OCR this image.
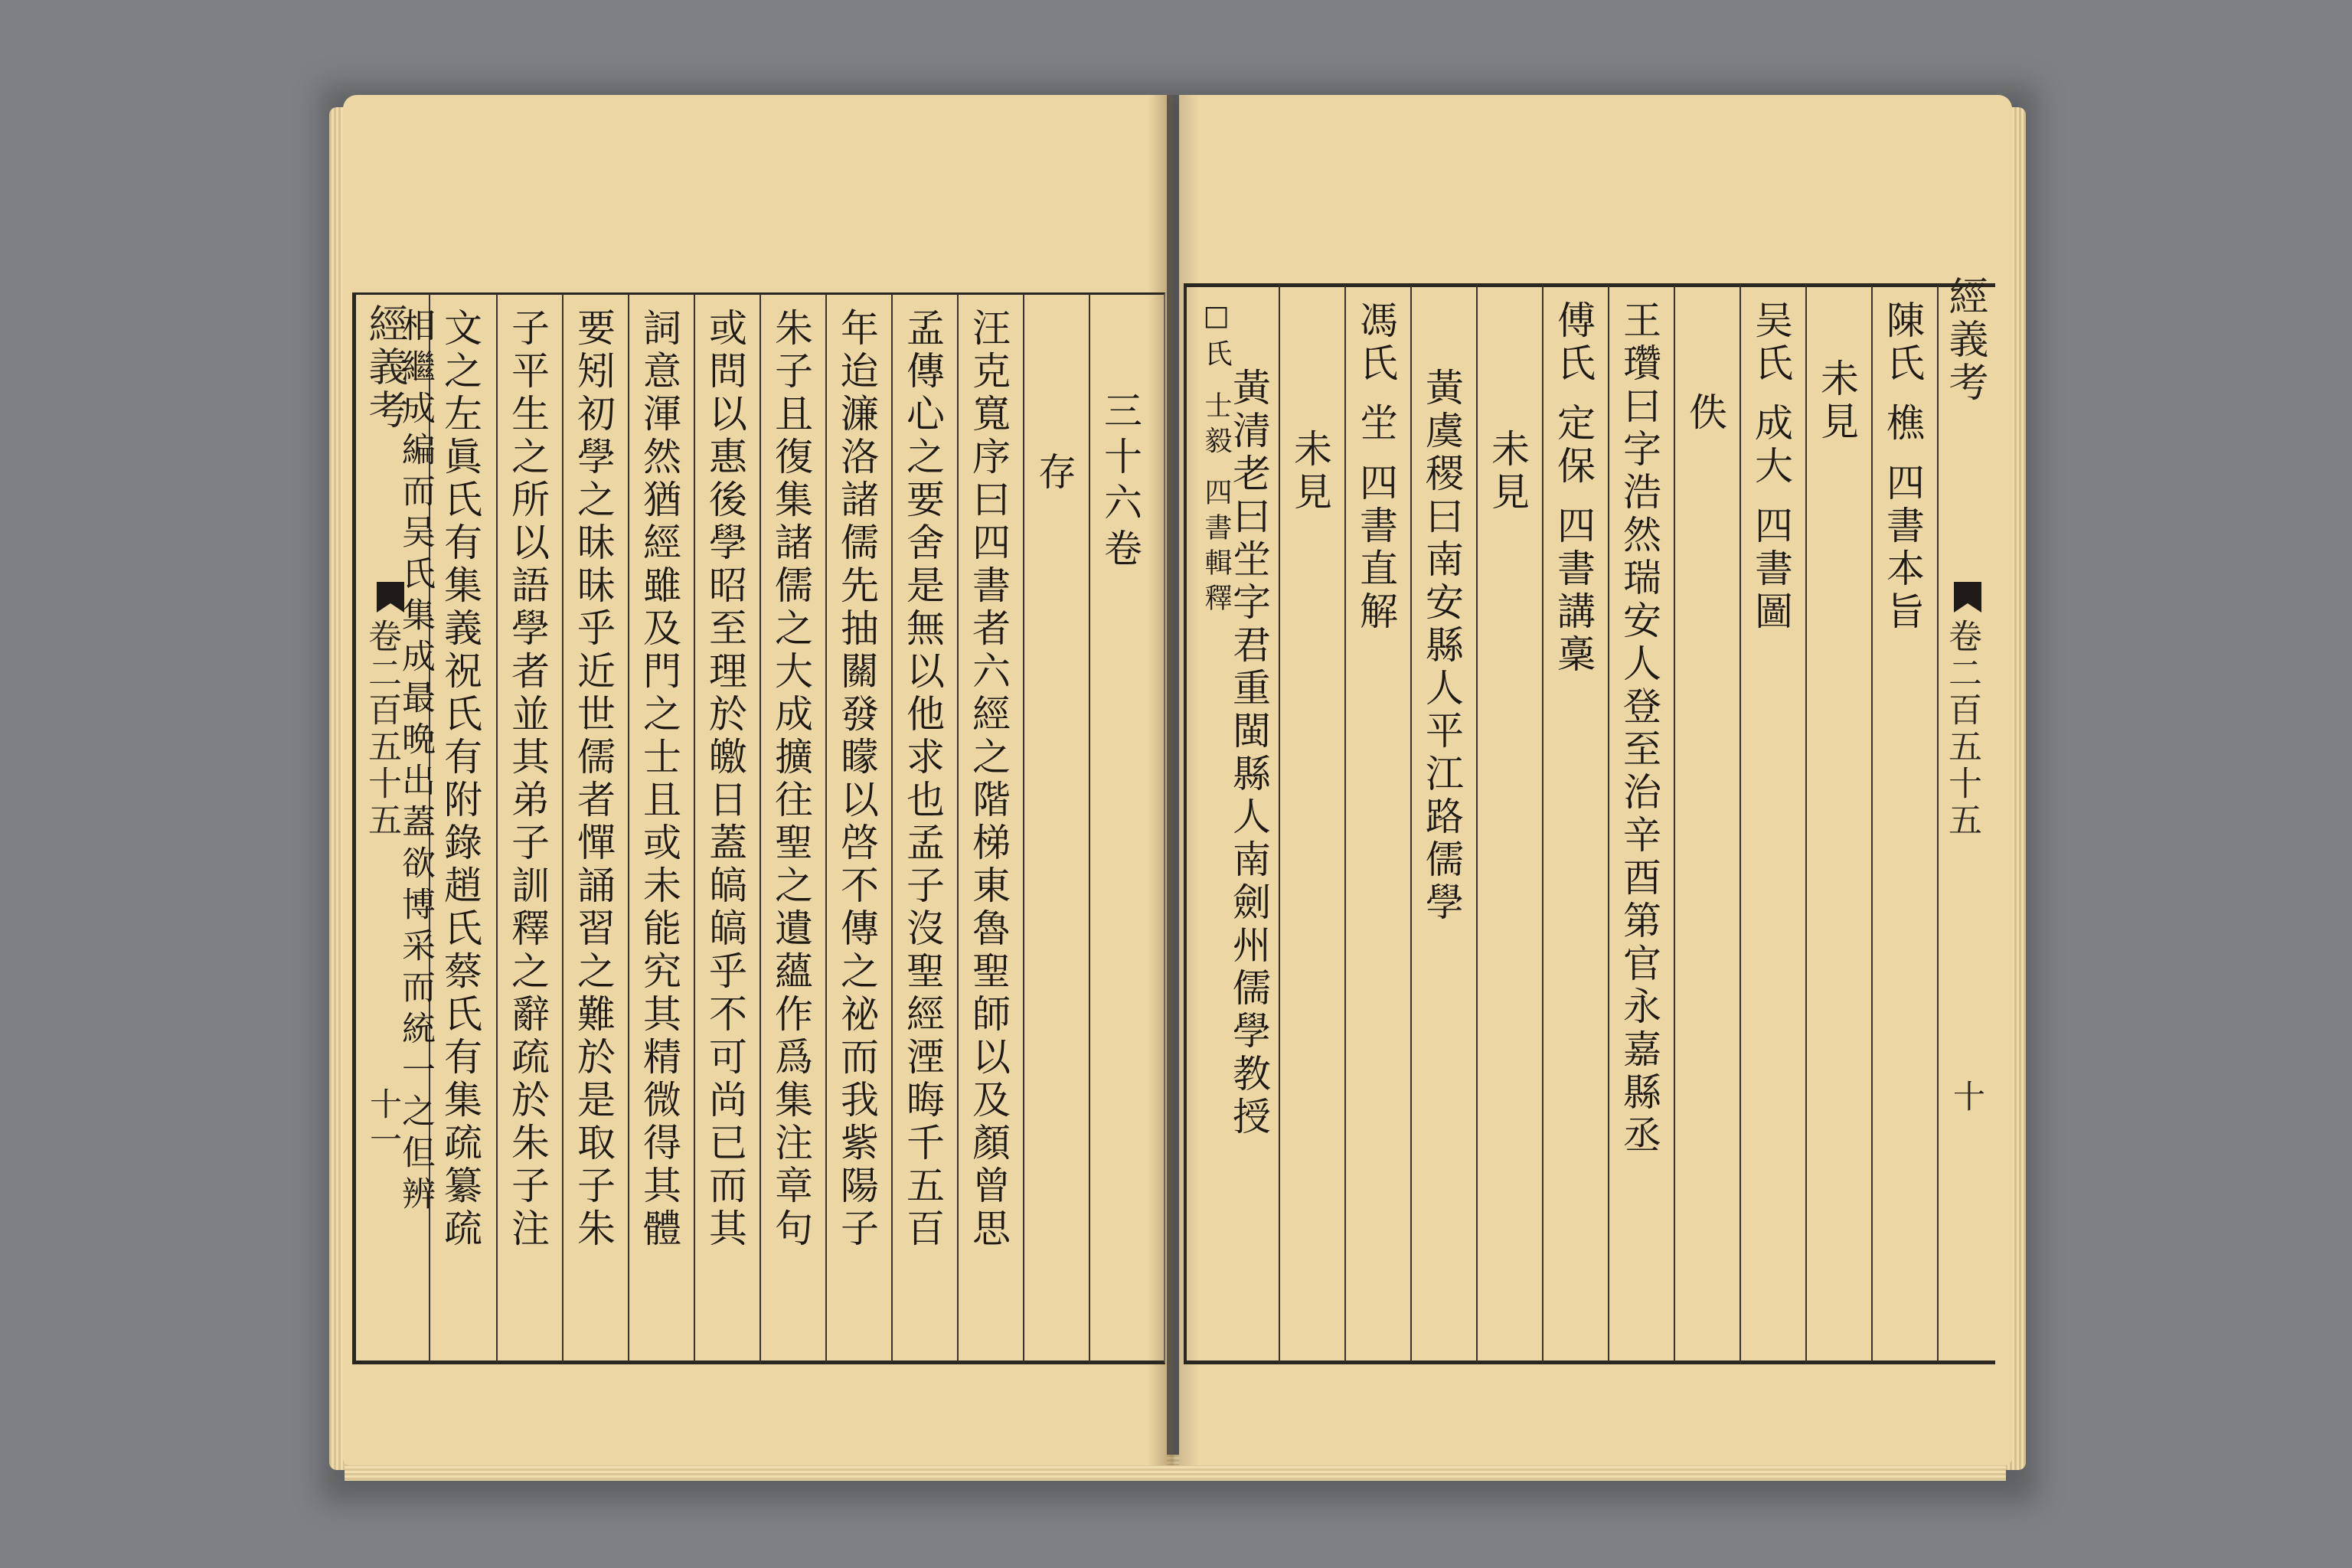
經義考
卷二百五十五
十一
三十六卷
存
汪克寬序曰四書者六經之階梯東魯聖師以及顏曾思
孟傳心之要舍是無以他求也孟子沒聖經湮晦千五百
年迨濂洛諸儒先抽關發矇以啓不傳之祕而我紫陽子
朱子且復集諸儒之大成擴往聖之遺蘊作爲集注章句
或問以惠後學昭至理於皦日蓋皜皜乎不可尚已而其
詞意渾然猶經雖及門之士且或未能究其精微得其體
要矧初學之昧昧乎近世儒者憚誦習之難於是取子朱
子平生之所以語學者並其弟子訓釋之辭疏於朱子注
文之左眞氏有集義祝氏有附錄趙氏蔡氏有集疏纂疏
相繼成編而吴氏集成最晩出蓋欲博采而統一之但辨	經義考
卷二百五十五
十
陳氏 樵 四書本旨
未見
吴氏 成大 四書圖
佚
王瓚曰字浩然瑞安人登至治辛酉第官永嘉縣丞
傅氏 定保 四書講稾
未見
黃虞稷曰南安縣人平江路儒學
馮氏 坣 四書直解
未見
黃清老曰坣字君重閩縣人南劍州儒學教授
□氏 士毅 四書輯釋
